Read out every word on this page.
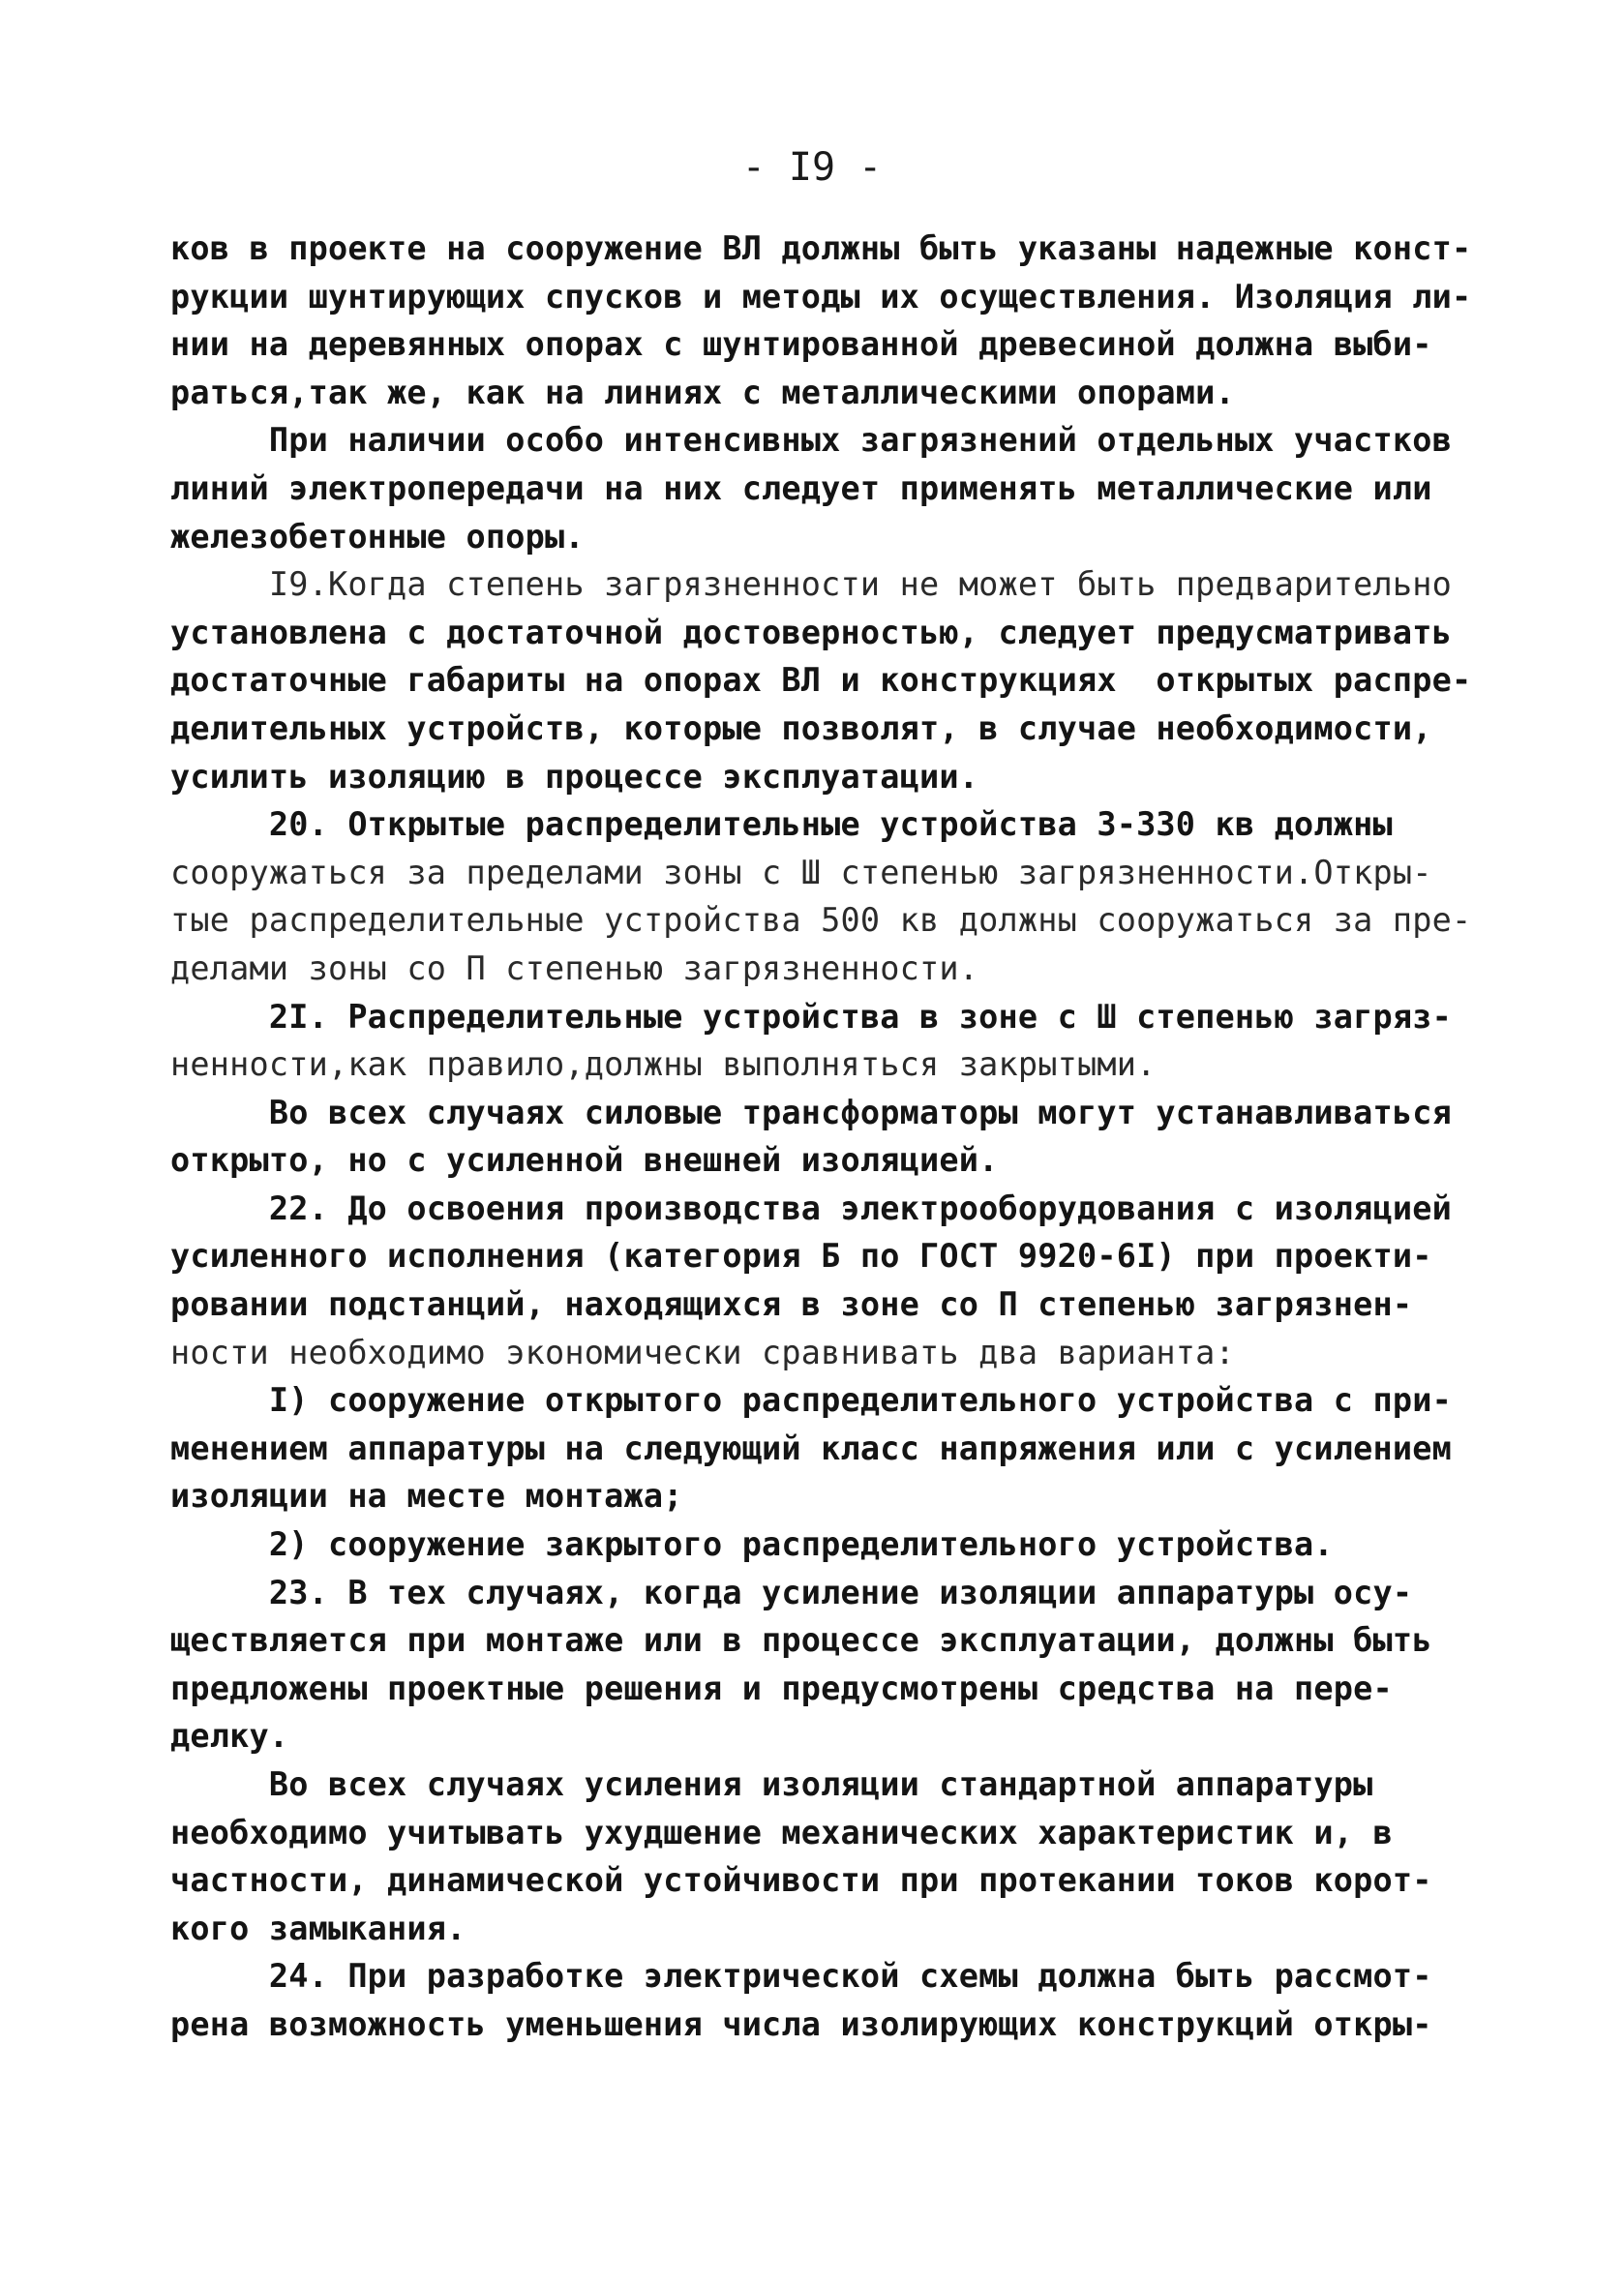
- I9 -
ков в проекте на сооружение ВЛ должны быть указаны надежные конст-
рукции шунтирующих спусков и методы их осуществления. Изоляция ли-
нии на деревянных опорах с шунтированной древесиной должна выби-
раться,так же, как на линиях с металлическими опорами.
При наличии особо интенсивных загрязнений отдельных участков
линий электропередачи на них следует применять металлические или
железобетонные опоры.
I9.Когда степень загрязненности не может быть предварительно
установлена с достаточной достоверностью, следует предусматривать
достаточные габариты на опорах ВЛ и конструкциях  открытых распре-
делительных устройств, которые позволят, в случае необходимости,
усилить изоляцию в процессе эксплуатации.
20. Открытые распределительные устройства 3-330 кв должны
сооружаться за пределами зоны с Ш степенью загрязненности.Откры-
тые распределительные устройства 500 кв должны сооружаться за пре-
делами зоны со П степенью загрязненности.
2I. Распределительные устройства в зоне с Ш степенью загряз-
ненности,как правило,должны выполняться закрытыми.
Во всех случаях силовые трансформаторы могут устанавливаться
открыто, но с усиленной внешней изоляцией.
22. До освоения производства электрооборудования с изоляцией
усиленного исполнения (категория Б по ГОСТ 9920-6I) при проекти-
ровании подстанций, находящихся в зоне со П степенью загрязнен-
ности необходимо экономически сравнивать два варианта:
I) сооружение открытого распределительного устройства с при-
менением аппаратуры на следующий класс напряжения или с усилением
изоляции на месте монтажа;
2) сооружение закрытого распределительного устройства.
23. В тех случаях, когда усиление изоляции аппаратуры осу-
ществляется при монтаже или в процессе эксплуатации, должны быть
предложены проектные решения и предусмотрены средства на пере-
делку.
Во всех случаях усиления изоляции стандартной аппаратуры
необходимо учитывать ухудшение механических характеристик и, в
частности, динамической устойчивости при протекании токов корот-
кого замыкания.
24. При разработке электрической схемы должна быть рассмот-
рена возможность уменьшения числа изолирующих конструкций откры-
